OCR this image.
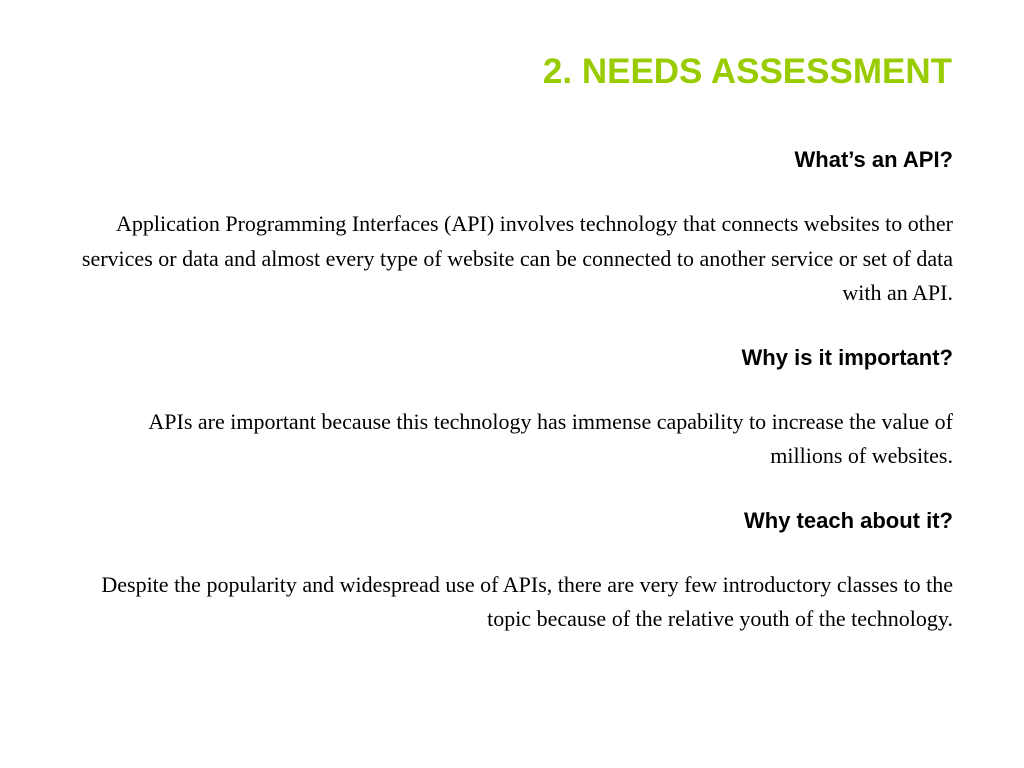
2. NEEDS ASSESSMENT
What’s an API?

Application Programming Interfaces (API) involves technology that connects websites to other services or data and almost every type of website can be connected to another service or set of data with an API.

Why is it important?

APIs are important because this technology has immense capability to increase the value of millions of websites.

Why teach about it?

Despite the popularity and widespread use of APIs, there are very few introductory classes to the topic because of the relative youth of the technology.
